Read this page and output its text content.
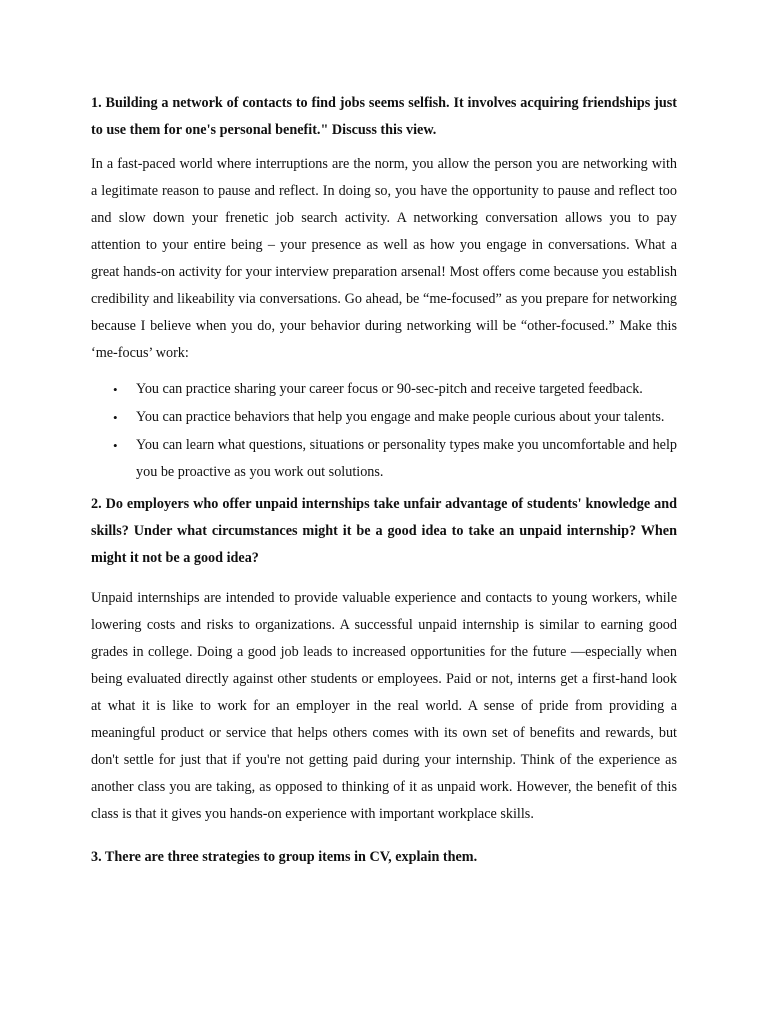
1. Building a network of contacts to find jobs seems selfish. It involves acquiring friendships just to use them for one's personal benefit." Discuss this view.

In a fast-paced world where interruptions are the norm, you allow the person you are networking with a legitimate reason to pause and reflect. In doing so, you have the opportunity to pause and reflect too and slow down your frenetic job search activity. A networking conversation allows you to pay attention to your entire being – your presence as well as how you engage in conversations. What a great hands-on activity for your interview preparation arsenal! Most offers come because you establish credibility and likeability via conversations. Go ahead, be “me-focused” as you prepare for networking because I believe when you do, your behavior during networking will be “other-focused.” Make this ‘me-focus’ work:

• You can practice sharing your career focus or 90-sec-pitch and receive targeted feedback.
• You can practice behaviors that help you engage and make people curious about your talents.
• You can learn what questions, situations or personality types make you uncomfortable and help you be proactive as you work out solutions.

2. Do employers who offer unpaid internships take unfair advantage of students' knowledge and skills? Under what circumstances might it be a good idea to take an unpaid internship? When might it not be a good idea?

Unpaid internships are intended to provide valuable experience and contacts to young workers, while lowering costs and risks to organizations. A successful unpaid internship is similar to earning good grades in college. Doing a good job leads to increased opportunities for the future —especially when being evaluated directly against other students or employees. Paid or not, interns get a first-hand look at what it is like to work for an employer in the real world. A sense of pride from providing a meaningful product or service that helps others comes with its own set of benefits and rewards, but don't settle for just that if you're not getting paid during your internship. Think of the experience as another class you are taking, as opposed to thinking of it as unpaid work. However, the benefit of this class is that it gives you hands-on experience with important workplace skills.

3. There are three strategies to group items in CV, explain them.
